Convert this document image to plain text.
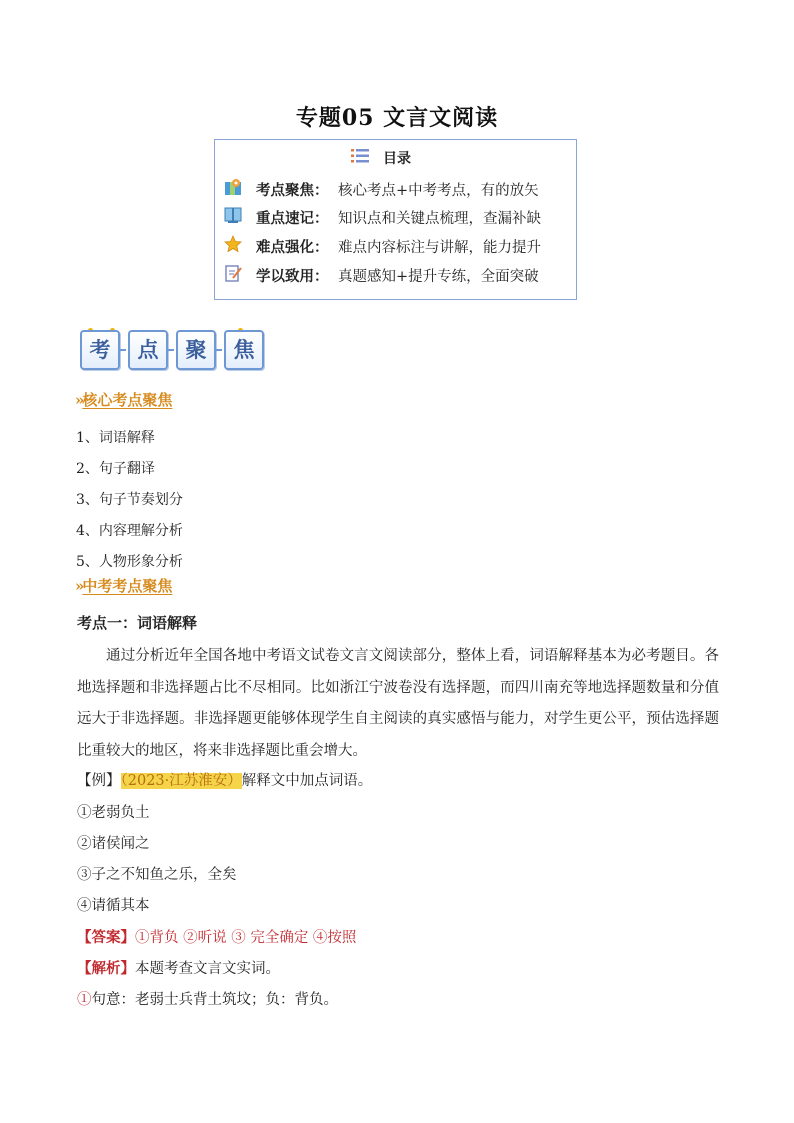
专题05 文言文阅读
目录
考点聚焦： 核心考点+中考考点，有的放矢
重点速记： 知识点和关键点梳理，查漏补缺
难点强化： 难点内容标注与讲解，能力提升
学以致用： 真题感知+提升专练，全面突破
考	点	聚	焦
»核心考点聚焦
1、词语解释
2、句子翻译
3、句子节奏划分
4、内容理解分析
5、人物形象分析
»中考考点聚焦
考点一：词语解释
通过分析近年全国各地中考语文试卷文言文阅读部分，整体上看，词语解释基本为必考题目。各地选择题和非选择题占比不尽相同。比如浙江宁波卷没有选择题，而四川南充等地选择题数量和分值远大于非选择题。非选择题更能够体现学生自主阅读的真实感悟与能力，对学生更公平，预估选择题比重较大的地区，将来非选择题比重会增大。
【例】（2023·江苏淮安）解释文中加点词语。
①老弱负土
②诸侯闻之
③子之不知鱼之乐，全矣
④请循其本
【答案】①背负 ②听说 ③ 完全确定 ④按照
【解析】本题考查文言文实词。
①句意：老弱士兵背土筑坟；负：背负。
